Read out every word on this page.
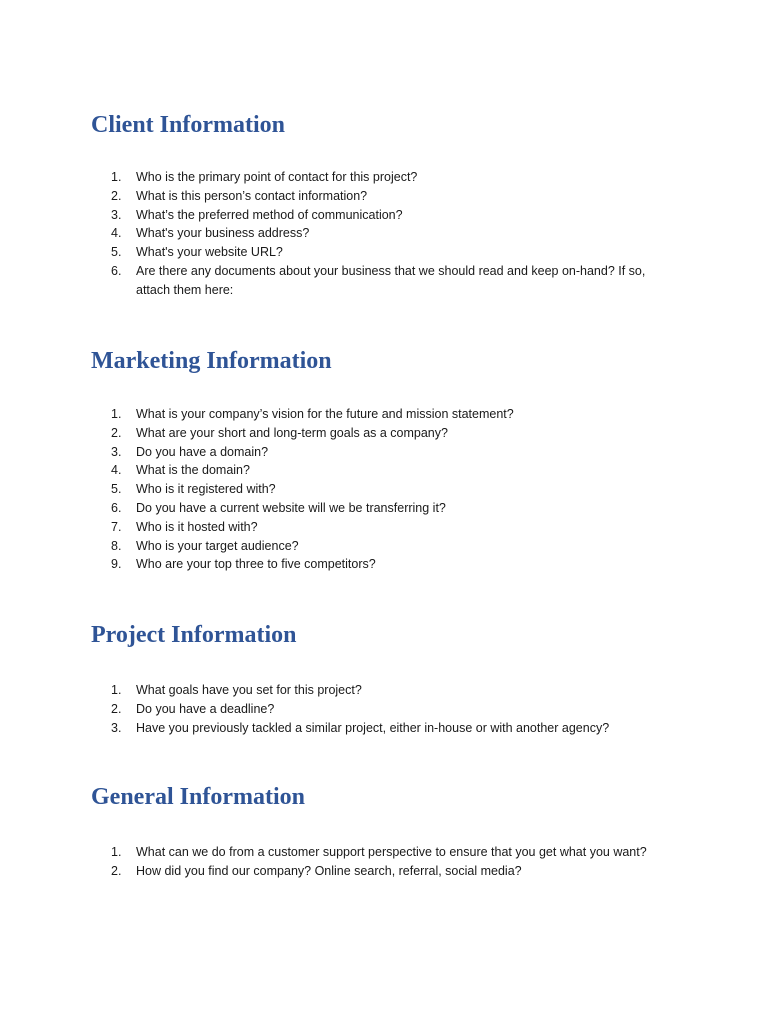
Client Information
1.	Who is the primary point of contact for this project?
2.	What is this person’s contact information?
3.	What’s the preferred method of communication?
4.	What's your business address?
5.	What's your website URL?
6.	Are there any documents about your business that we should read and keep on-hand? If so, attach them here:
Marketing Information
1.	What is your company’s vision for the future and mission statement?
2.	What are your short and long-term goals as a company?
3.	Do you have a domain?
4.	What is the domain?
5.	Who is it registered with?
6.	Do you have a current website will we be transferring it?
7.	Who is it hosted with?
8.	Who is your target audience?
9.	Who are your top three to five competitors?
Project Information
1.	What goals have you set for this project?
2.	Do you have a deadline?
3.	Have you previously tackled a similar project, either in-house or with another agency?
General Information
1.	What can we do from a customer support perspective to ensure that you get what you want?
2.	How did you find our company? Online search, referral, social media?
